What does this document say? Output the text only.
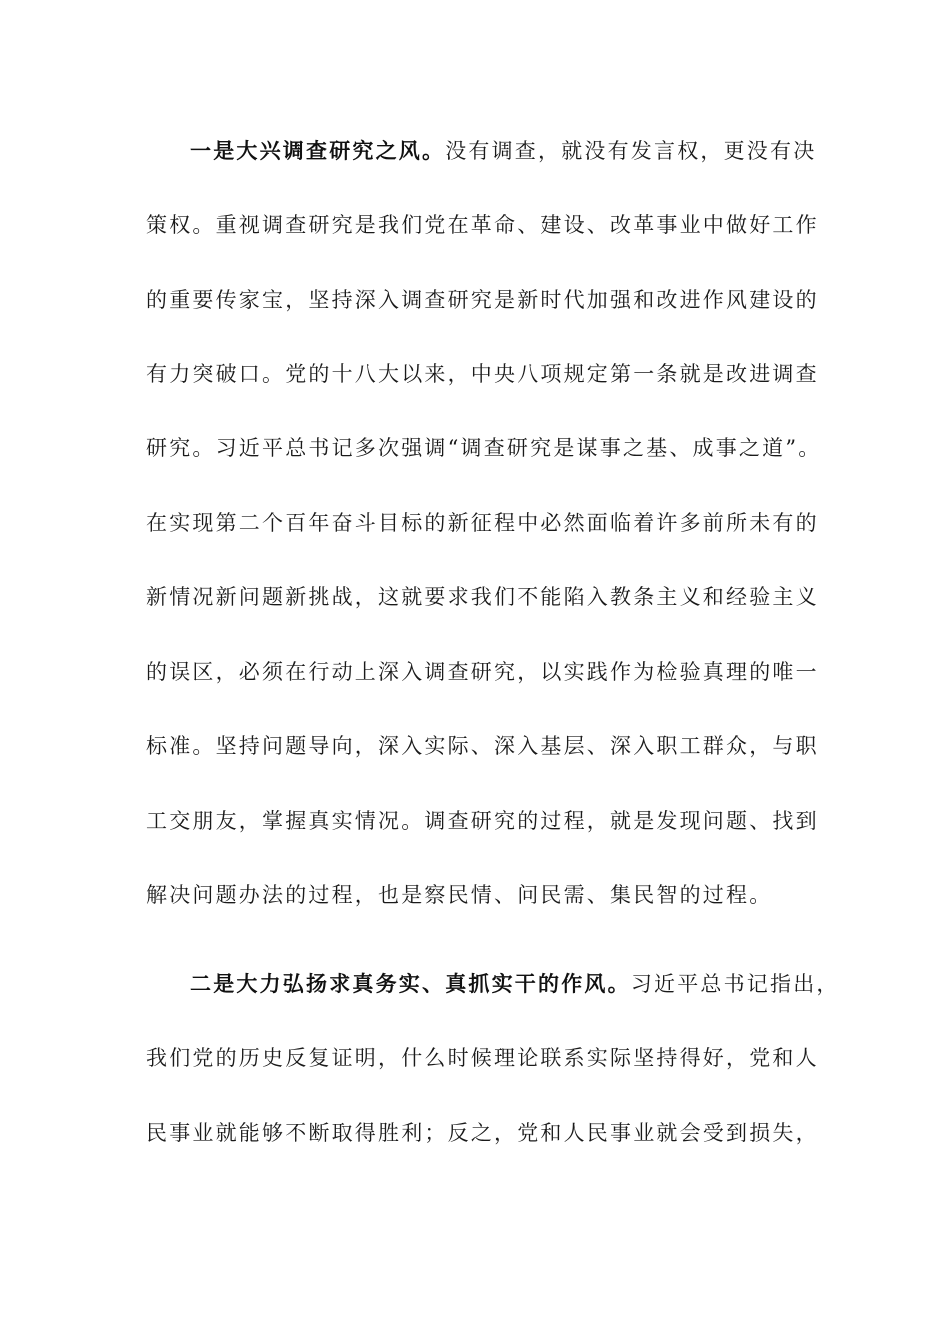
一是大兴调查研究之风。没有调查，就没有发言权，更没有决
策权。重视调查研究是我们党在革命、建设、改革事业中做好工作
的重要传家宝，坚持深入调查研究是新时代加强和改进作风建设的
有力突破口。党的十八大以来，中央八项规定第一条就是改进调查
研究。习近平总书记多次强调“调查研究是谋事之基、成事之道”。
在实现第二个百年奋斗目标的新征程中必然面临着许多前所未有的
新情况新问题新挑战，这就要求我们不能陷入教条主义和经验主义
的误区，必须在行动上深入调查研究，以实践作为检验真理的唯一
标准。坚持问题导向，深入实际、深入基层、深入职工群众，与职
工交朋友，掌握真实情况。调查研究的过程，就是发现问题、找到
解决问题办法的过程，也是察民情、问民需、集民智的过程。
二是大力弘扬求真务实、真抓实干的作风。习近平总书记指出，
我们党的历史反复证明，什么时候理论联系实际坚持得好，党和人
民事业就能够不断取得胜利；反之，党和人民事业就会受到损失，
